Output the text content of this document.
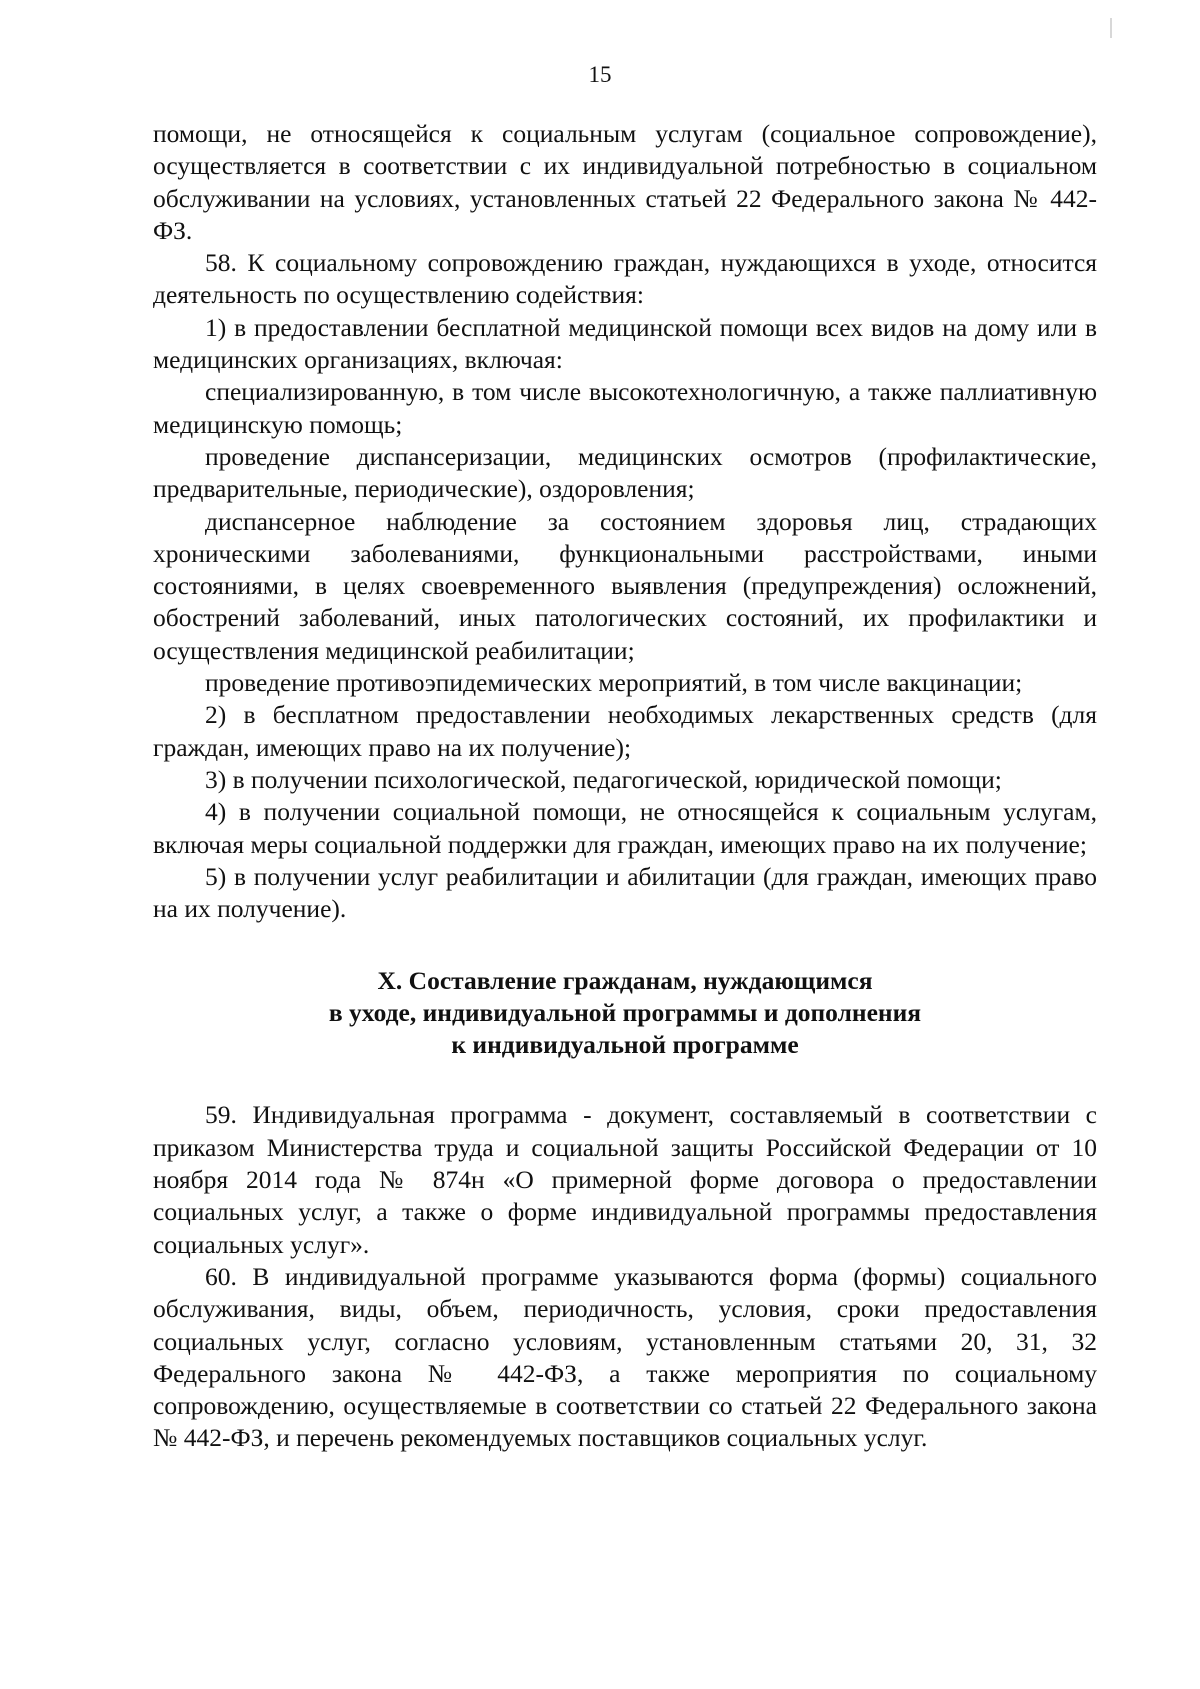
15

помощи, не относящейся к социальным услугам (социальное сопровождение), осуществляется в соответствии с их индивидуальной потребностью в социальном обслуживании на условиях, установленных статьей 22 Федерального закона № 442-ФЗ.

58. К социальному сопровождению граждан, нуждающихся в уходе, относится деятельность по осуществлению содействия:

1) в предоставлении бесплатной медицинской помощи всех видов на дому или в медицинских организациях, включая:

специализированную, в том числе высокотехнологичную, а также паллиативную медицинскую помощь;

проведение диспансеризации, медицинских осмотров (профилактические, предварительные, периодические), оздоровления;

диспансерное наблюдение за состоянием здоровья лиц, страдающих хроническими заболеваниями, функциональными расстройствами, иными состояниями, в целях своевременного выявления (предупреждения) осложнений, обострений заболеваний, иных патологических состояний, их профилактики и осуществления медицинской реабилитации;

проведение противоэпидемических мероприятий, в том числе вакцинации;

2) в бесплатном предоставлении необходимых лекарственных средств (для граждан, имеющих право на их получение);

3) в получении психологической, педагогической, юридической помощи;

4) в получении социальной помощи, не относящейся к социальным услугам, включая меры социальной поддержки для граждан, имеющих право на их получение;

5) в получении услуг реабилитации и абилитации (для граждан, имеющих право на их получение).

X. Составление гражданам, нуждающимся
в уходе, индивидуальной программы и дополнения
к индивидуальной программе

59. Индивидуальная программа - документ, составляемый в соответствии с приказом Министерства труда и социальной защиты Российской Федерации от 10 ноября 2014 года № 874н «О примерной форме договора о предоставлении социальных услуг, а также о форме индивидуальной программы предоставления социальных услуг».

60. В индивидуальной программе указываются форма (формы) социального обслуживания, виды, объем, периодичность, условия, сроки предоставления социальных услуг, согласно условиям, установленным статьями 20, 31, 32 Федерального закона № 442-ФЗ, а также мероприятия по социальному сопровождению, осуществляемые в соответствии со статьей 22 Федерального закона № 442-ФЗ, и перечень рекомендуемых поставщиков социальных услуг.
